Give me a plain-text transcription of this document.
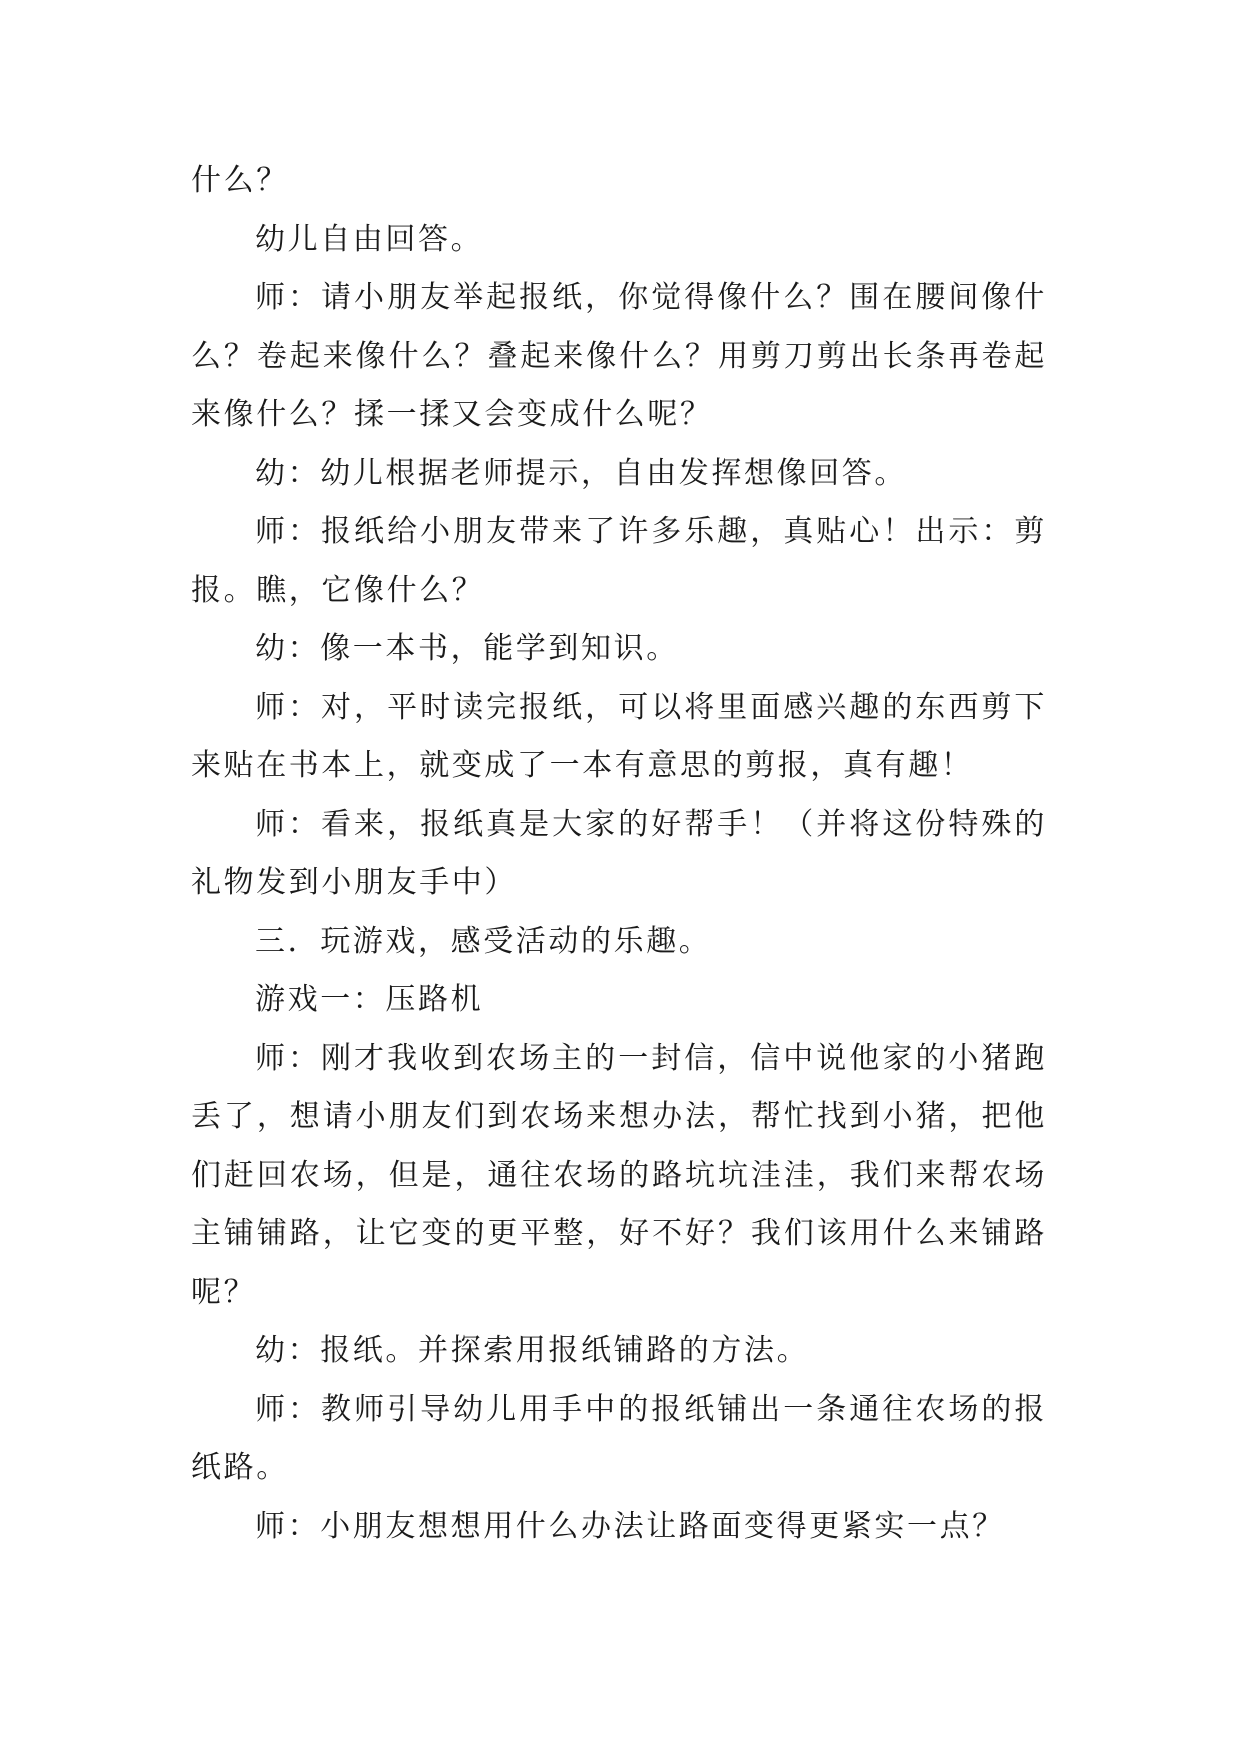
什么？

幼儿自由回答。

师：请小朋友举起报纸，你觉得像什么？围在腰间像什么？卷起来像什么？叠起来像什么？用剪刀剪出长条再卷起来像什么？揉一揉又会变成什么呢？

幼：幼儿根据老师提示，自由发挥想像回答。

师：报纸给小朋友带来了许多乐趣，真贴心！出示：剪报。瞧，它像什么？

幼：像一本书，能学到知识。

师：对，平时读完报纸，可以将里面感兴趣的东西剪下来贴在书本上，就变成了一本有意思的剪报，真有趣！

师：看来，报纸真是大家的好帮手！（并将这份特殊的礼物发到小朋友手中）

三．玩游戏，感受活动的乐趣。

游戏一：压路机

师：刚才我收到农场主的一封信，信中说他家的小猪跑丢了，想请小朋友们到农场来想办法，帮忙找到小猪，把他们赶回农场，但是，通往农场的路坑坑洼洼，我们来帮农场主铺铺路，让它变的更平整，好不好？我们该用什么来铺路呢？

幼：报纸。并探索用报纸铺路的方法。

师：教师引导幼儿用手中的报纸铺出一条通往农场的报纸路。

师：小朋友想想用什么办法让路面变得更紧实一点？
